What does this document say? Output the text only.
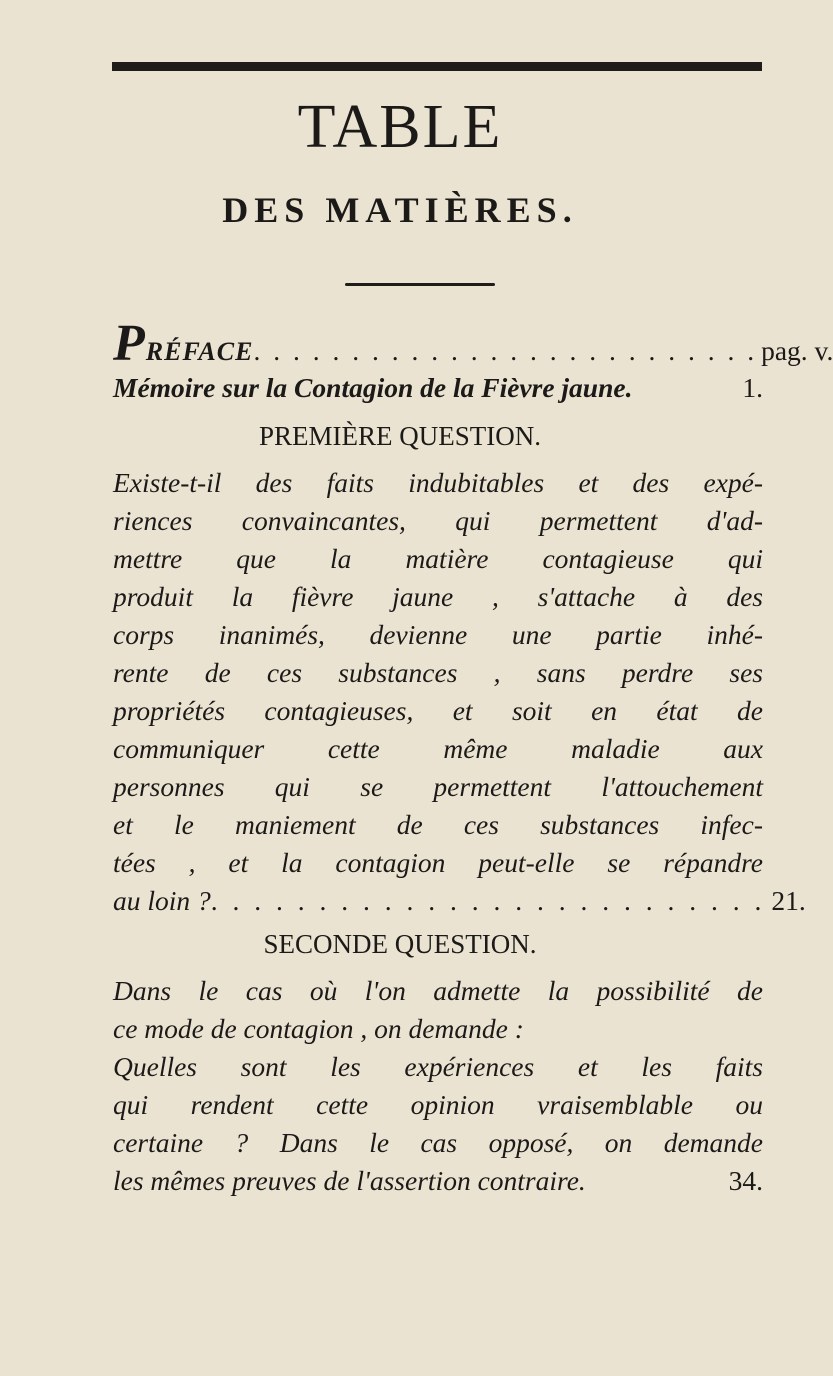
TABLE
DES MATIÈRES.
PRÉFACE . . . . . . . . . . . . . . . . . . . . . . . . . . pag. v.
Mémoire sur la Contagion de la Fièvre jaune.	1.
PREMIÈRE QUESTION.
Existe-t-il des faits indubitables et des expé-
riences convaincantes, qui permettent d'ad-
mettre que la matière contagieuse qui
produit la fièvre jaune , s'attache à des
corps inanimés, devienne une partie inhé-
rente de ces substances , sans perdre ses
propriétés contagieuses, et soit en état de
communiquer cette même maladie aux
personnes qui se permettent l'attouchement
et le maniement de ces substances infec-
tées , et la contagion peut-elle se répandre
au loin ? . . . . . . . . . . . . . . . . . . . . . . . . . . 21.
SECONDE QUESTION.
Dans le cas où l'on admette la possibilité de
ce mode de contagion , on demande :
Quelles sont les expériences et les faits
qui rendent cette opinion vraisemblable ou
certaine ? Dans le cas opposé, on demande
les mêmes preuves de l'assertion contraire.	34.
